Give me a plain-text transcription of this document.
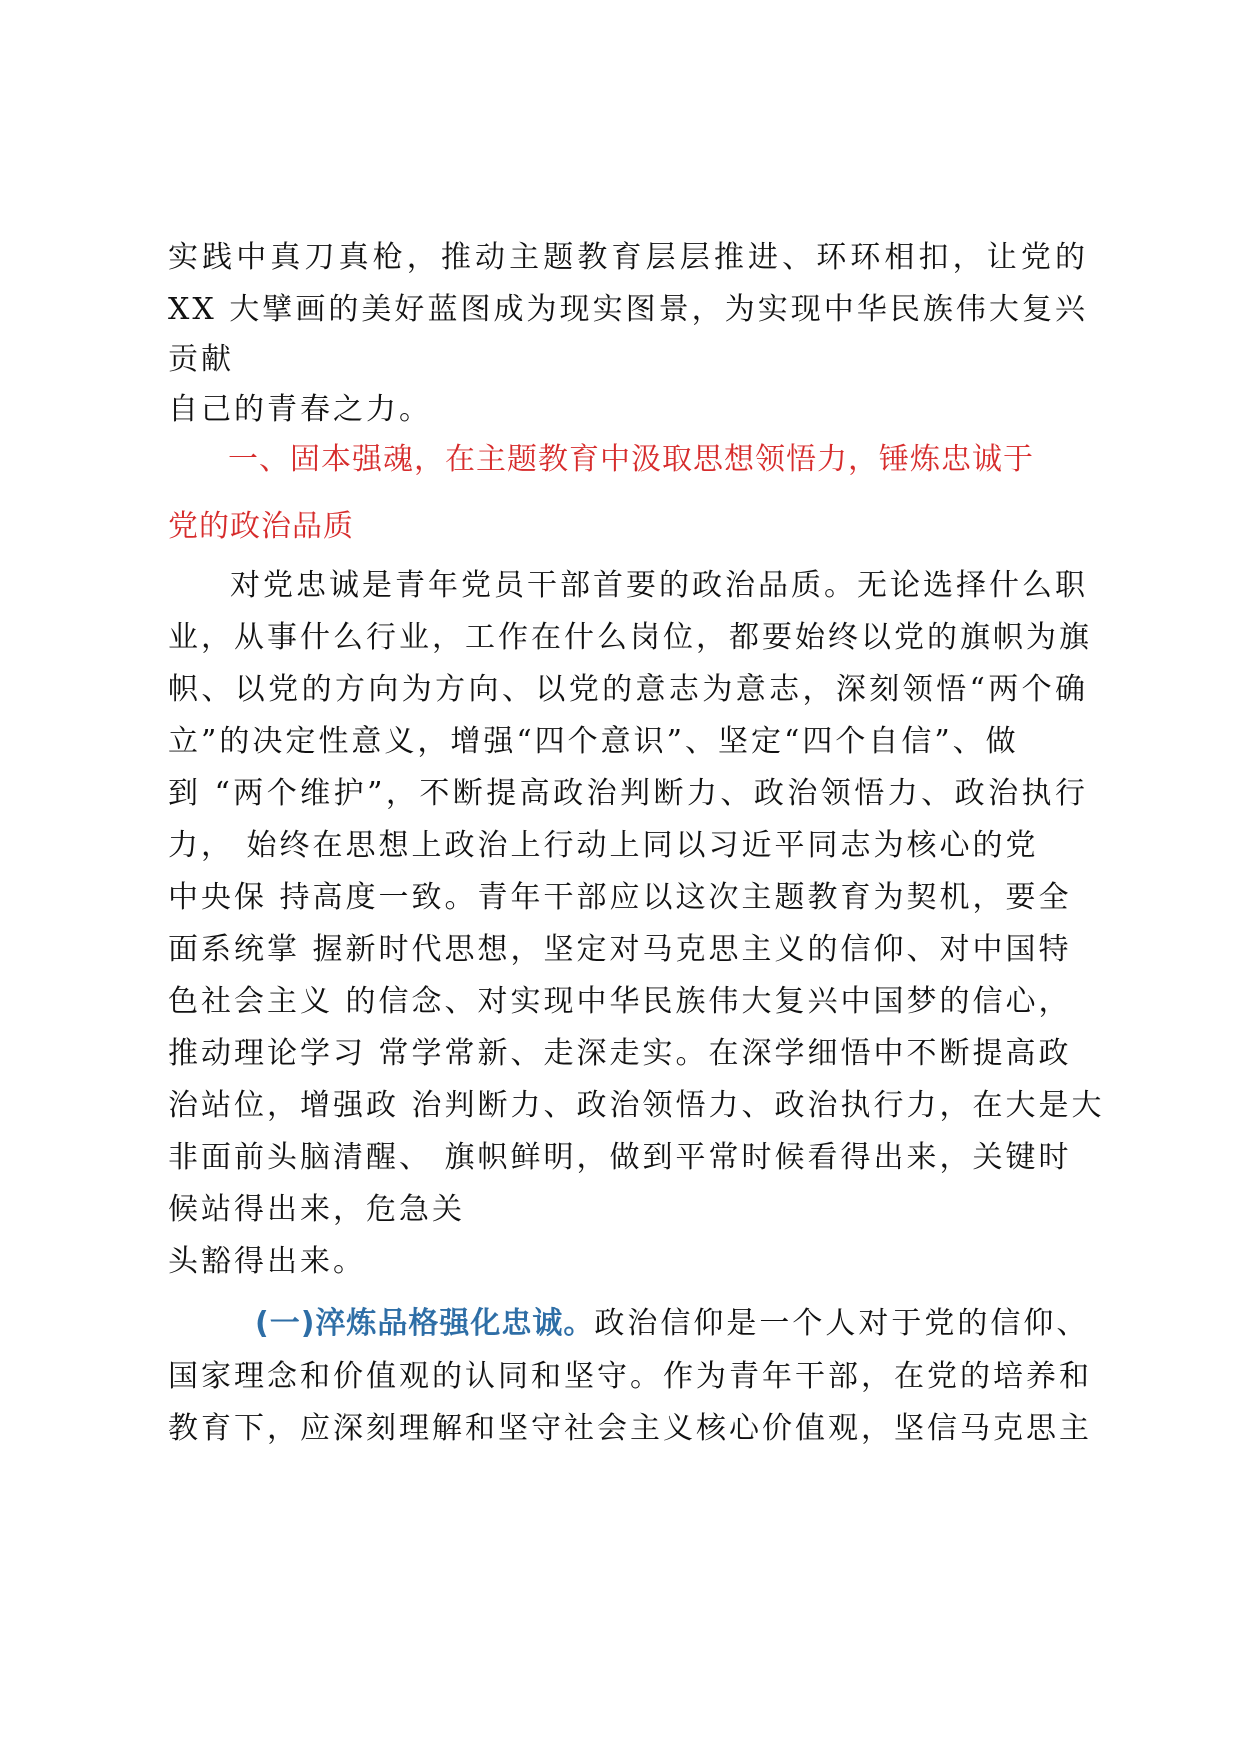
实践中真刀真枪，推动主题教育层层推进、环环相扣，让党的
XX 大擘画的美好蓝图成为现实图景，为实现中华民族伟大复兴
贡献
自己的青春之力。
一、固本强魂，在主题教育中汲取思想领悟力，锤炼忠诚于
党的政治品质
对党忠诚是青年党员干部首要的政治品质。无论选择什么职
业，从事什么行业，工作在什么岗位，都要始终以党的旗帜为旗
帜、以党的方向为方向、以党的意志为意志，深刻领悟“两个确
立”的决定性意义，增强“四个意识”、坚定“四个自信”、做
到 “两个维护”，不断提高政治判断力、政治领悟力、政治执行
力， 始终在思想上政治上行动上同以习近平同志为核心的党
中央保 持高度一致。青年干部应以这次主题教育为契机，要全
面系统掌 握新时代思想，坚定对马克思主义的信仰、对中国特
色社会主义 的信念、对实现中华民族伟大复兴中国梦的信心，
推动理论学习 常学常新、走深走实。在深学细悟中不断提高政
治站位，增强政 治判断力、政治领悟力、政治执行力，在大是大
非面前头脑清醒、 旗帜鲜明，做到平常时候看得出来，关键时
候站得出来，危急关
头豁得出来。
(一)淬炼品格强化忠诚。政治信仰是一个人对于党的信仰、
国家理念和价值观的认同和坚守。作为青年干部，在党的培养和
教育下，应深刻理解和坚守社会主义核心价值观，坚信马克思主
